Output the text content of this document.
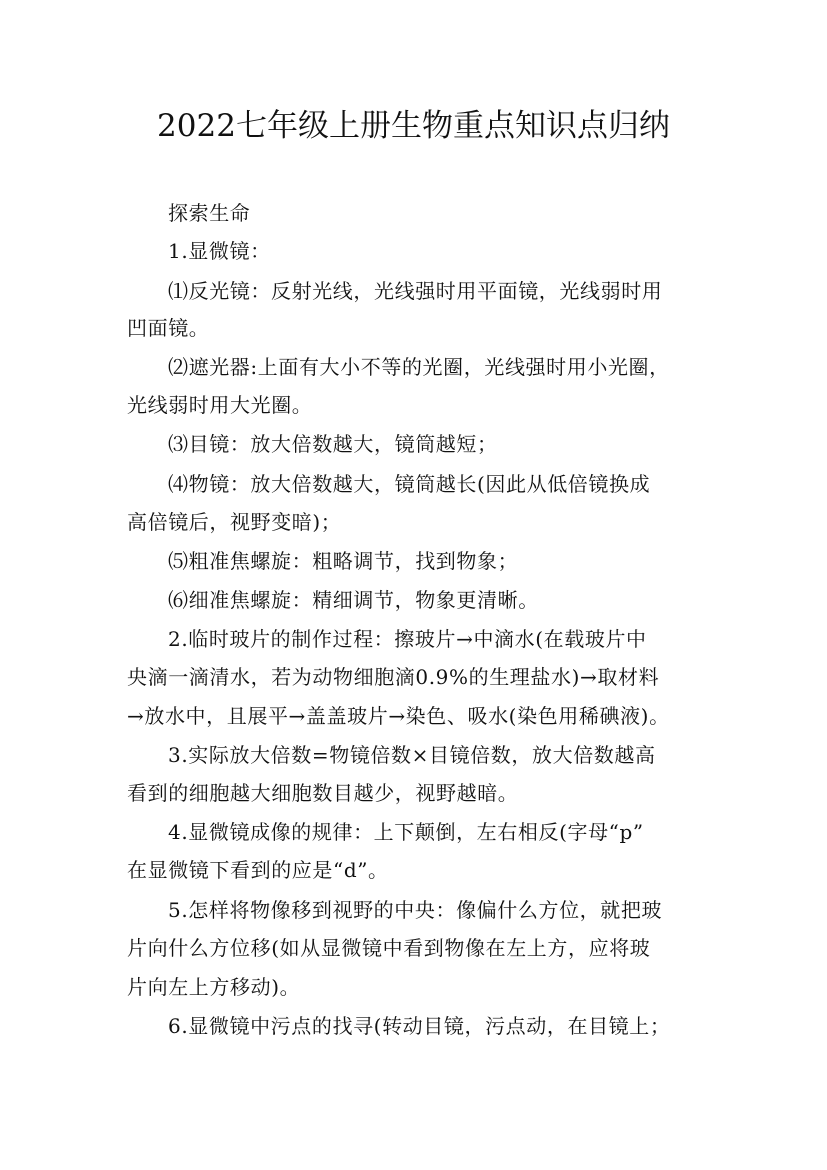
2022七年级上册生物重点知识点归纳
探索生命
1.显微镜：
⑴反光镜：反射光线，光线强时用平面镜，光线弱时用
凹面镜。
⑵遮光器:上面有大小不等的光圈，光线强时用小光圈，
光线弱时用大光圈。
⑶目镜：放大倍数越大，镜筒越短；
⑷物镜：放大倍数越大，镜筒越长(因此从低倍镜换成
高倍镜后，视野变暗)；
⑸粗准焦螺旋：粗略调节，找到物象；
⑹细准焦螺旋：精细调节，物象更清晰。
2.临时玻片的制作过程：擦玻片→中滴水(在载玻片中
央滴一滴清水，若为动物细胞滴0.9%的生理盐水)→取材料
→放水中，且展平→盖盖玻片→染色、吸水(染色用稀碘液)。
3.实际放大倍数=物镜倍数×目镜倍数，放大倍数越高
看到的细胞越大细胞数目越少，视野越暗。
4.显微镜成像的规律：上下颠倒，左右相反(字母“p”
在显微镜下看到的应是“d”。
5.怎样将物像移到视野的中央：像偏什么方位，就把玻
片向什么方位移(如从显微镜中看到物像在左上方，应将玻
片向左上方移动)。
6.显微镜中污点的找寻(转动目镜，污点动，在目镜上；
